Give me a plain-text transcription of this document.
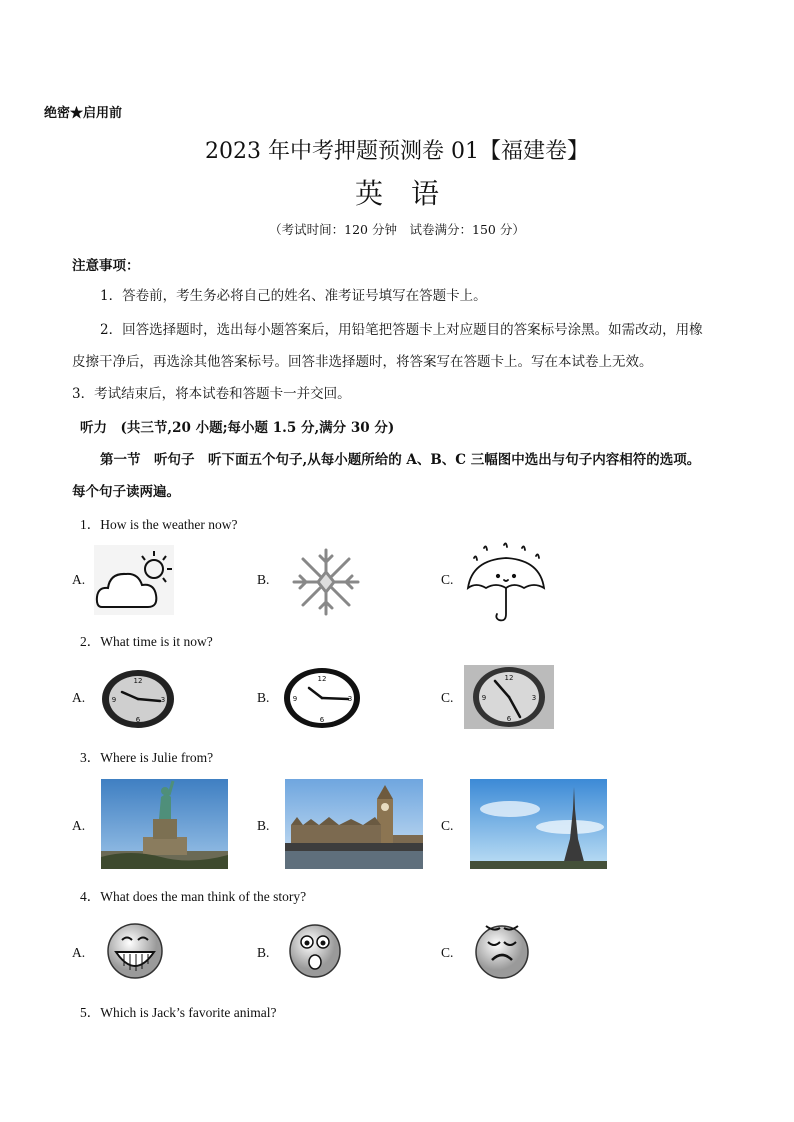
绝密★启用前
2023 年中考押题预测卷 01【福建卷】
英语
（考试时间：120 分钟　试卷满分：150 分）
注意事项：
1．答卷前，考生务必将自己的姓名、准考证号填写在答题卡上。
2．回答选择题时，选出每小题答案后，用铅笔把答题卡上对应题目的答案标号涂黑。如需改动，用橡
皮擦干净后，再选涂其他答案标号。回答非选择题时，将答案写在答题卡上。写在本试卷上无效。
3．考试结束后，将本试卷和答题卡一并交回。
听力　(共三节,20 小题;每小题 1.5 分,满分 30 分)
第一节　听句子　听下面五个句子,从每小题所给的 A、B、C 三幅图中选出与句子内容相符的选项。
每个句子读两遍。
1．How is the weather now?
A.	B.	C.
2．What time is it now?
A.
12
3
6
9	B.
12
3
6
9	C.
12
3
6
9
3．Where is Julie from?
A.	B.	C.
4．What does the man think of the story?
A.	B.	C.
5．Which is Jack’s favorite animal?
